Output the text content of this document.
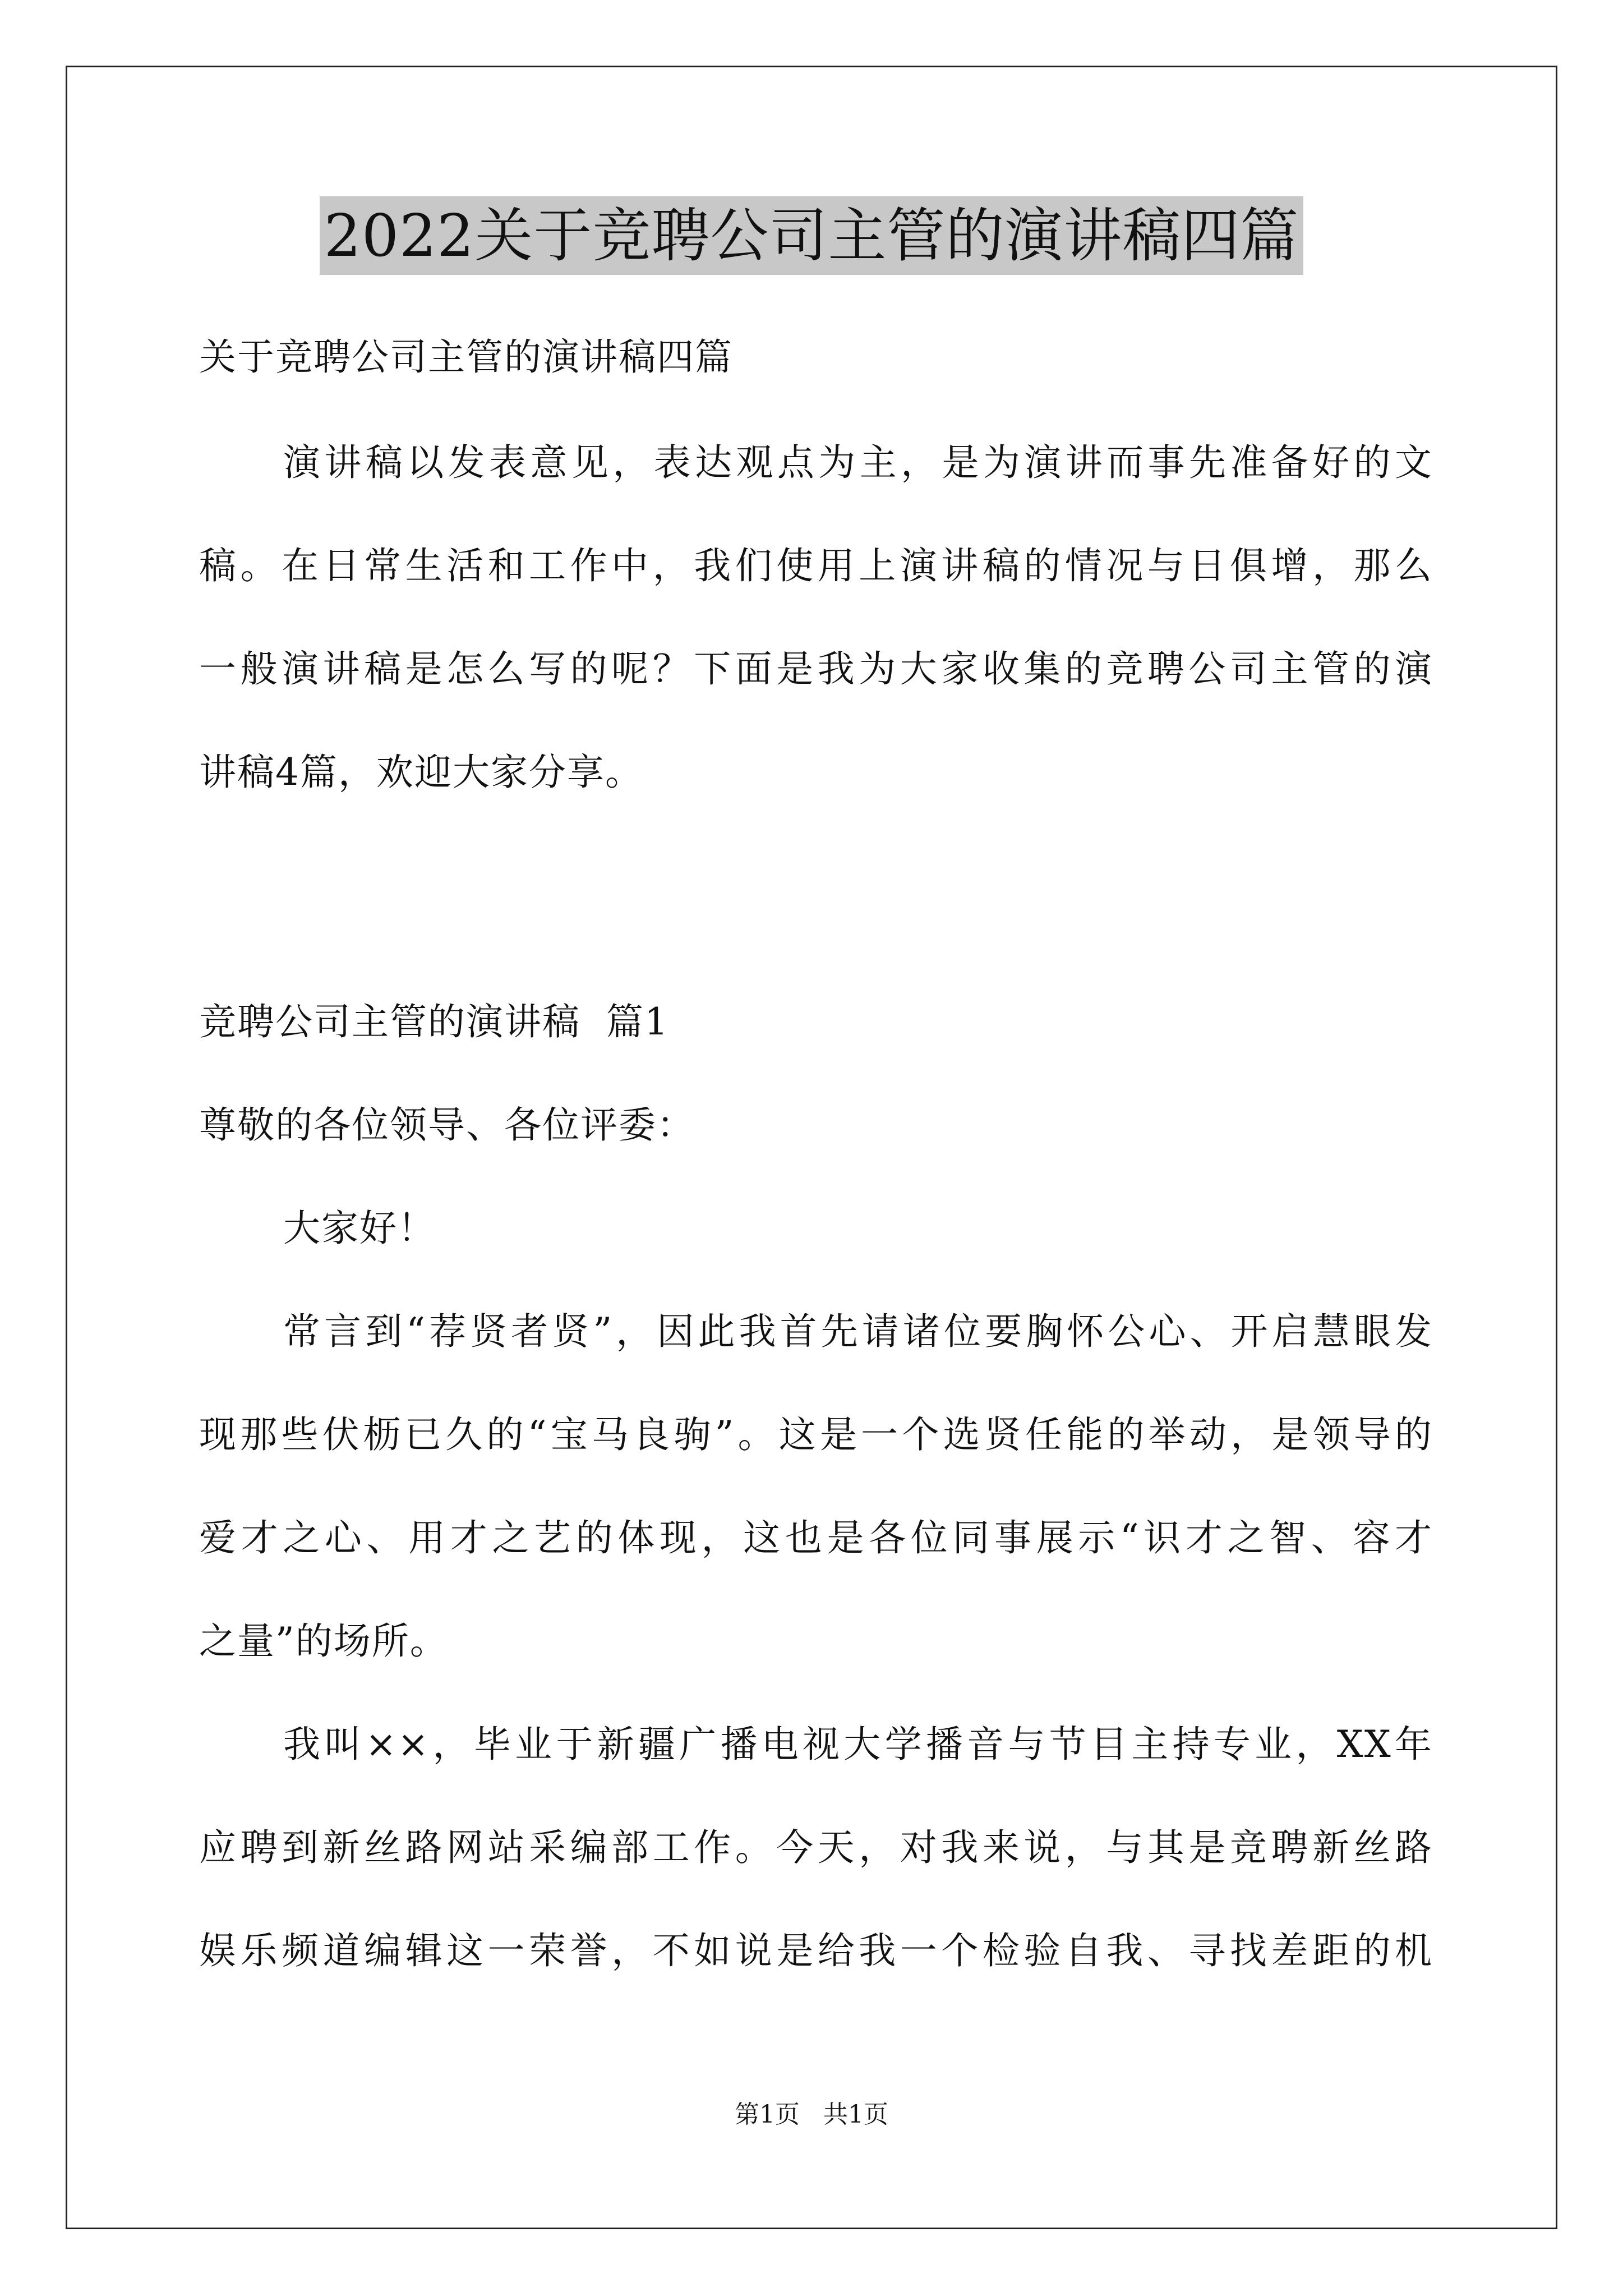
2022关于竞聘公司主管的演讲稿四篇
关于竞聘公司主管的演讲稿四篇
演讲稿以发表意见，表达观点为主，是为演讲而事先准备好的文
稿。在日常生活和工作中，我们使用上演讲稿的情况与日俱增，那么
一般演讲稿是怎么写的呢？下面是我为大家收集的竞聘公司主管的演
讲稿4篇，欢迎大家分享。
竞聘公司主管的演讲稿  篇1
尊敬的各位领导、各位评委：
大家好！
常言到“荐贤者贤”，因此我首先请诸位要胸怀公心、开启慧眼发
现那些伏枥已久的“宝马良驹”。这是一个选贤任能的举动，是领导的
爱才之心、用才之艺的体现，这也是各位同事展示“识才之智、容才
之量”的场所。
我叫××，毕业于新疆广播电视大学播音与节目主持专业，XX年
应聘到新丝路网站采编部工作。今天，对我来说，与其是竞聘新丝路
娱乐频道编辑这一荣誉，不如说是给我一个检验自我、寻找差距的机
第1页 共1页
